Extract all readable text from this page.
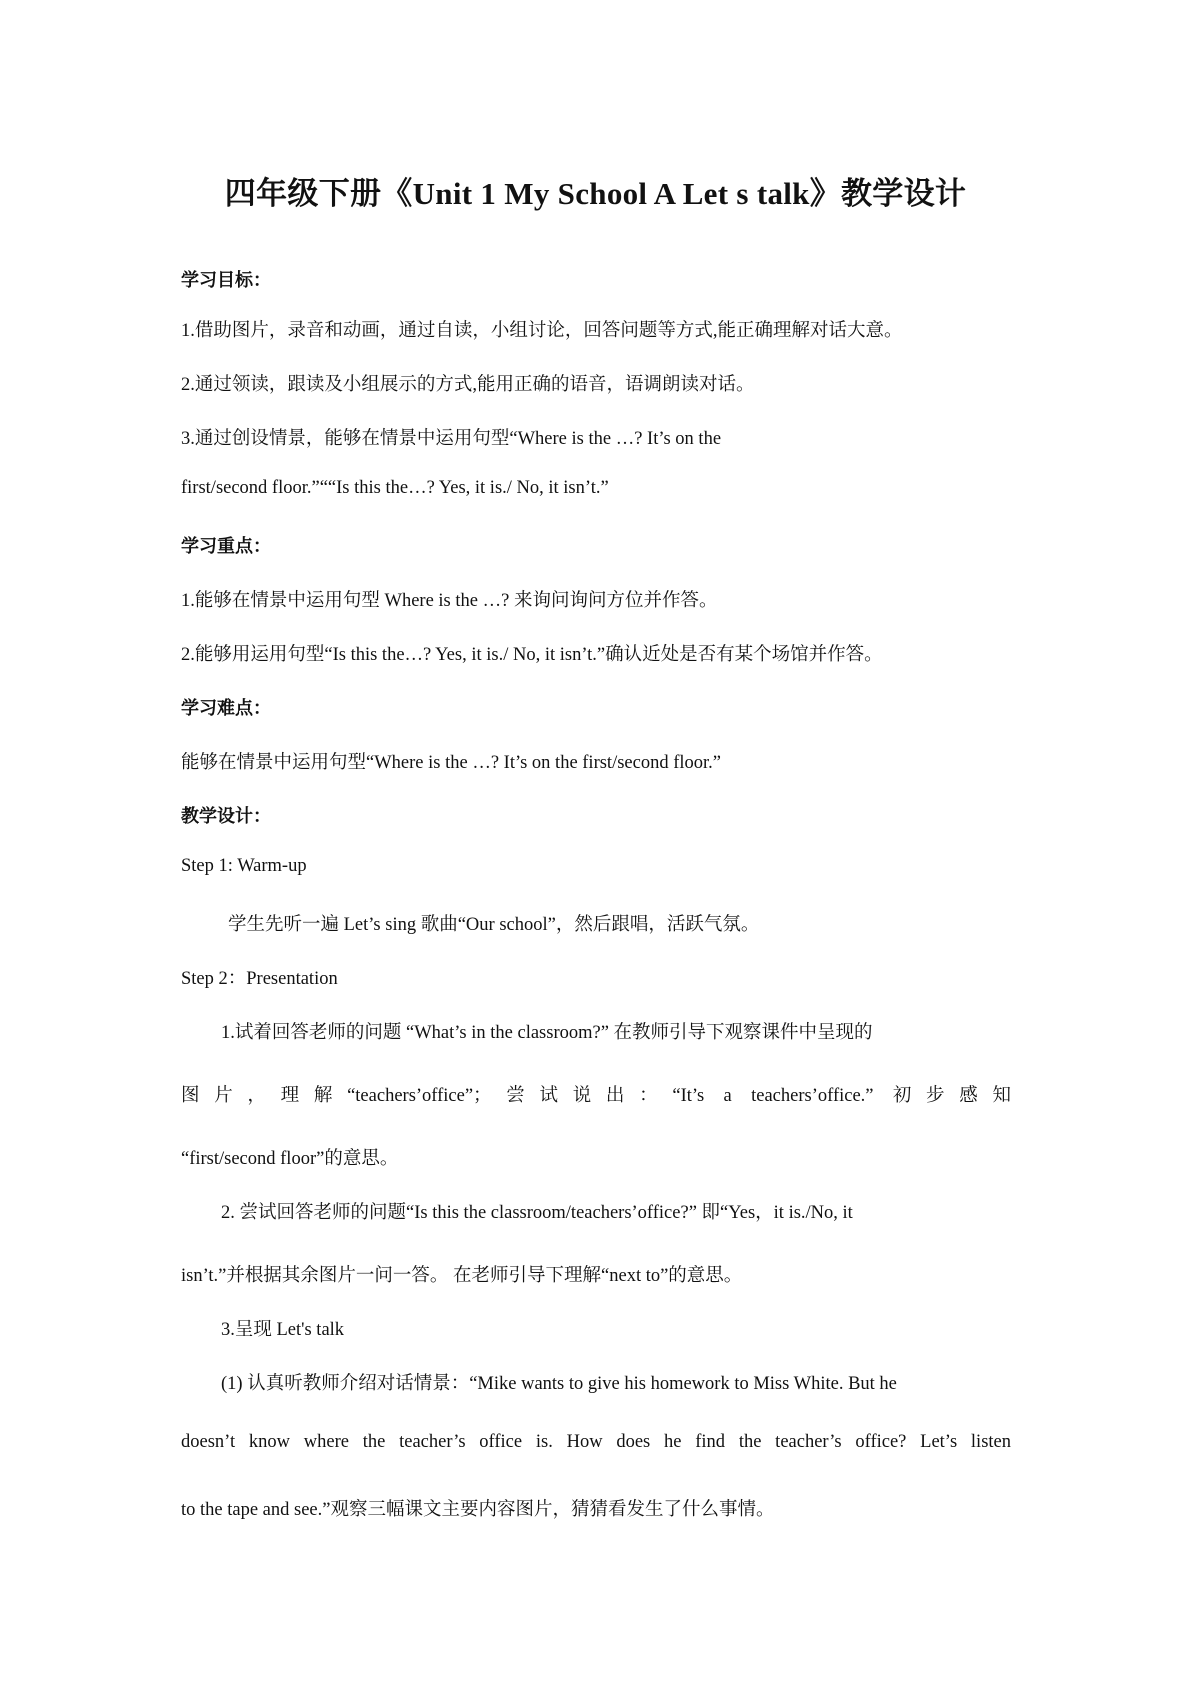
四年级下册《Unit 1 My School A Let s talk》教学设计
学习目标：
1.借助图片，录音和动画，通过自读，小组讨论，回答问题等方式,能正确理解对话大意。
2.通过领读，跟读及小组展示的方式,能用正确的语音，语调朗读对话。
3.通过创设情景，能够在情景中运用句型“Where is the …? It’s on the
first/second floor.”““Is this the…? Yes, it is./ No, it isn’t.”
学习重点：
1.能够在情景中运用句型 Where is the …? 来询问询问方位并作答。
2.能够用运用句型“Is this the…? Yes, it is./ No, it isn’t.”确认近处是否有某个场馆并作答。
学习难点：
能够在情景中运用句型“Where is the …? It’s on the first/second floor.”
教学设计：
Step 1: Warm-up
学生先听一遍 Let’s sing 歌曲“Our school”，然后跟唱，活跃气氛。
Step 2：Presentation
1.试着回答老师的问题 “What’s in the classroom?” 在教师引导下观察课件中呈现的
图片，理解“teachers’office”；尝试说出：“It’s a teachers’office.” 初步感知
“first/second floor”的意思。
2. 尝试回答老师的问题“Is this the classroom/teachers’office?” 即“Yes，it is./No, it
isn’t.”并根据其余图片一问一答。 在老师引导下理解“next to”的意思。
3.呈现 Let's talk
(1) 认真听教师介绍对话情景：“Mike wants to give his homework to Miss White. But he
doesn’t know where the teacher’s office is. How does he find the teacher’s office? Let’s listen
to the tape and see.”观察三幅课文主要内容图片，猜猜看发生了什么事情。
